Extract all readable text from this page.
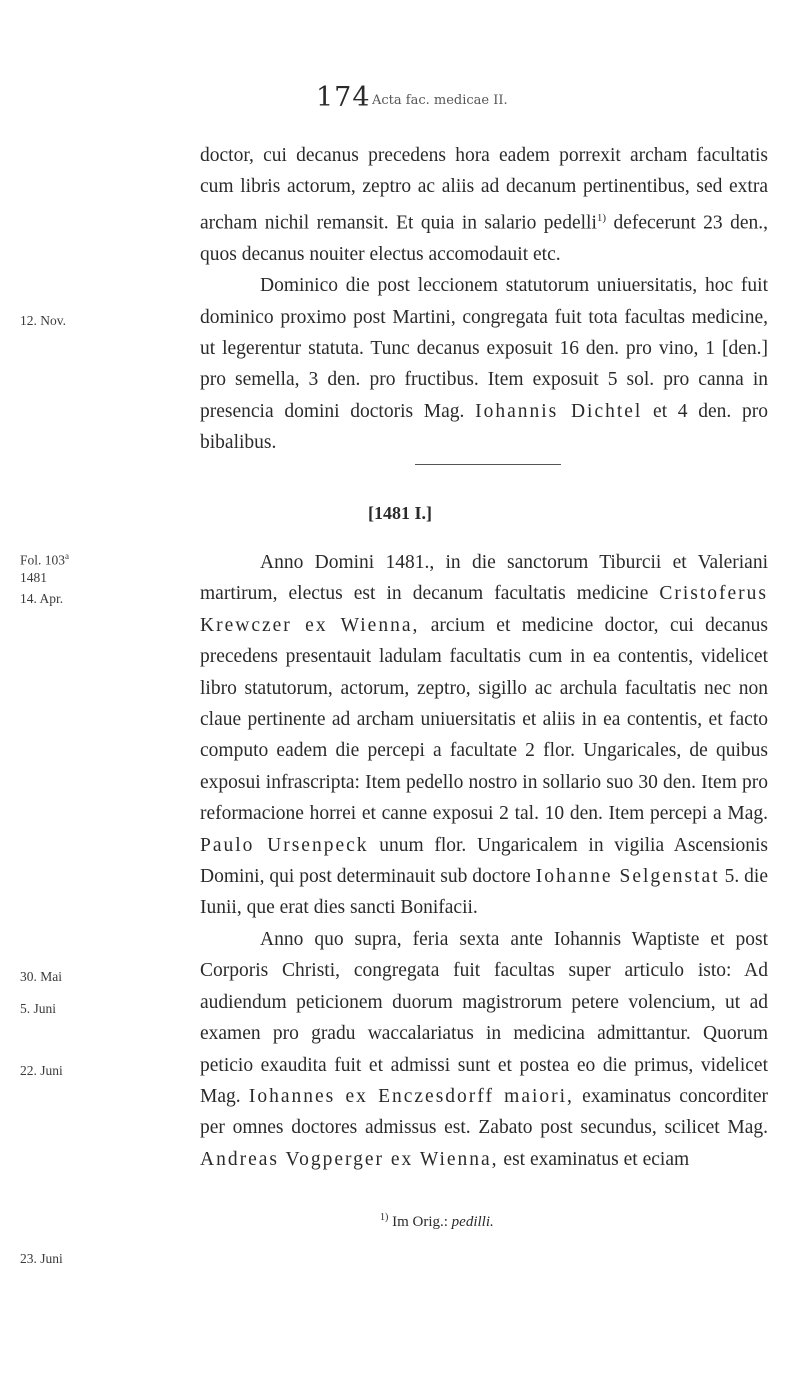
174 Acta fac. medicae II.
12. Nov.
Fol. 103$^a$
1481
14. Apr.
30. Mai
5. Juni
22. Juni
23. Juni

doctor, cui decanus precedens hora eadem porrexit archam facultatis cum libris actorum, zeptro ac aliis ad decanum pertinentibus, sed extra archam nichil remansit. Et quia in salario pedelli$^{1)}$ defecerunt 23 den., quos decanus nouiter electus accomodauit etc.

Dominico die post leccionem statutorum uniuersitatis, hoc fuit dominico proximo post Martini, congregata fuit tota facultas medicine, ut legerentur statuta. Tunc decanus exposuit 16 den. pro vino, 1 [den.] pro semella, 3 den. pro fructibus. Item exposuit 5 sol. pro canna in presencia domini doctoris Mag. Iohannis Dichtel et 4 den. pro bibalibus.

[1481 I.]

Anno Domini 1481., in die sanctorum Tiburcii et Valeriani martirum, electus est in decanum facultatis medicine Cristoferus Krewczer ex Wienna, arcium et medicine doctor, cui decanus precedens presentauit ladulam facultatis cum in ea contentis, videlicet libro statutorum, actorum, zeptro, sigillo ac archula facultatis nec non claue pertinente ad archam uniuersitatis et aliis in ea contentis, et facto computo eadem die percepi a facultate 2 flor. Ungaricales, de quibus exposui infrascripta: Item pedello nostro in sollario suo 30 den. Item pro reformacione horrei et canne exposui 2 tal. 10 den. Item percepi a Mag. Paulo Ursenpeck unum flor. Ungaricalem in vigilia Ascensionis Domini, qui post determinauit sub doctore Iohanne Selgenstat 5. die Iunii, que erat dies sancti Bonifacii.

Anno quo supra, feria sexta ante Iohannis Waptiste et post Corporis Christi, congregata fuit facultas super articulo isto: Ad audiendum peticionem duorum magistrorum petere volencium, ut ad examen pro gradu waccalariatus in medicina admittantur. Quorum peticio exaudita fuit et admissi sunt et postea eo die primus, videlicet Mag. Iohannes ex Enczesdorff maiori, examinatus concorditer per omnes doctores admissus est. Zabato post secundus, scilicet Mag. Andreas Vogperger ex Wienna, est examinatus et eciam

$^{1)}$ Im Orig.: pedilli.
